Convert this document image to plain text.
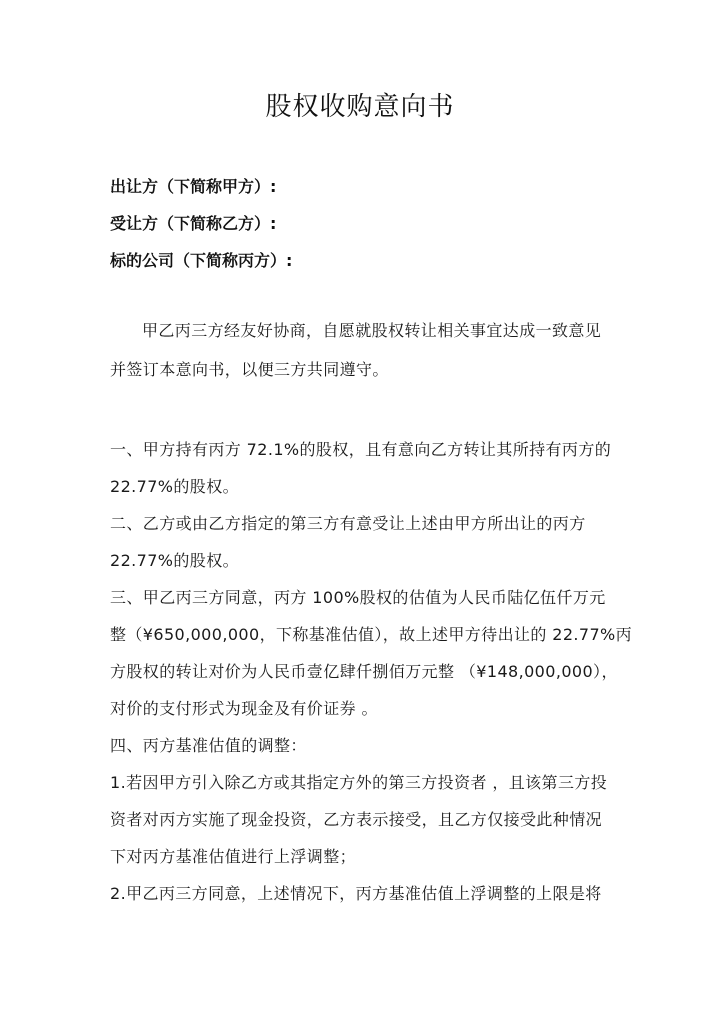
股权收购意向书
出让方（下简称甲方）:
受让方（下简称乙方）:
标的公司（下简称丙方）:
甲乙丙三方经友好协商，自愿就股权转让相关事宜达成一致意见
并签订本意向书，以便三方共同遵守。
一、甲方持有丙方 72.1%的股权，且有意向乙方转让其所持有丙方的
22.77%的股权。
二、乙方或由乙方指定的第三方有意受让上述由甲方所出让的丙方
22.77%的股权。
三、甲乙丙三方同意，丙方 100%股权的估值为人民币陆亿伍仟万元
整（¥650,000,000，下称基准估值），故上述甲方待出让的 22.77%丙
方股权的转让对价为人民币壹亿肆仟捌佰万元整 （¥148,000,000），
对价的支付形式为现金及有价证券 。
四、丙方基准估值的调整：
1.若因甲方引入除乙方或其指定方外的第三方投资者 ，且该第三方投
资者对丙方实施了现金投资，乙方表示接受，且乙方仅接受此种情况
下对丙方基准估值进行上浮调整；
2.甲乙丙三方同意，上述情况下，丙方基准估值上浮调整的上限是将
